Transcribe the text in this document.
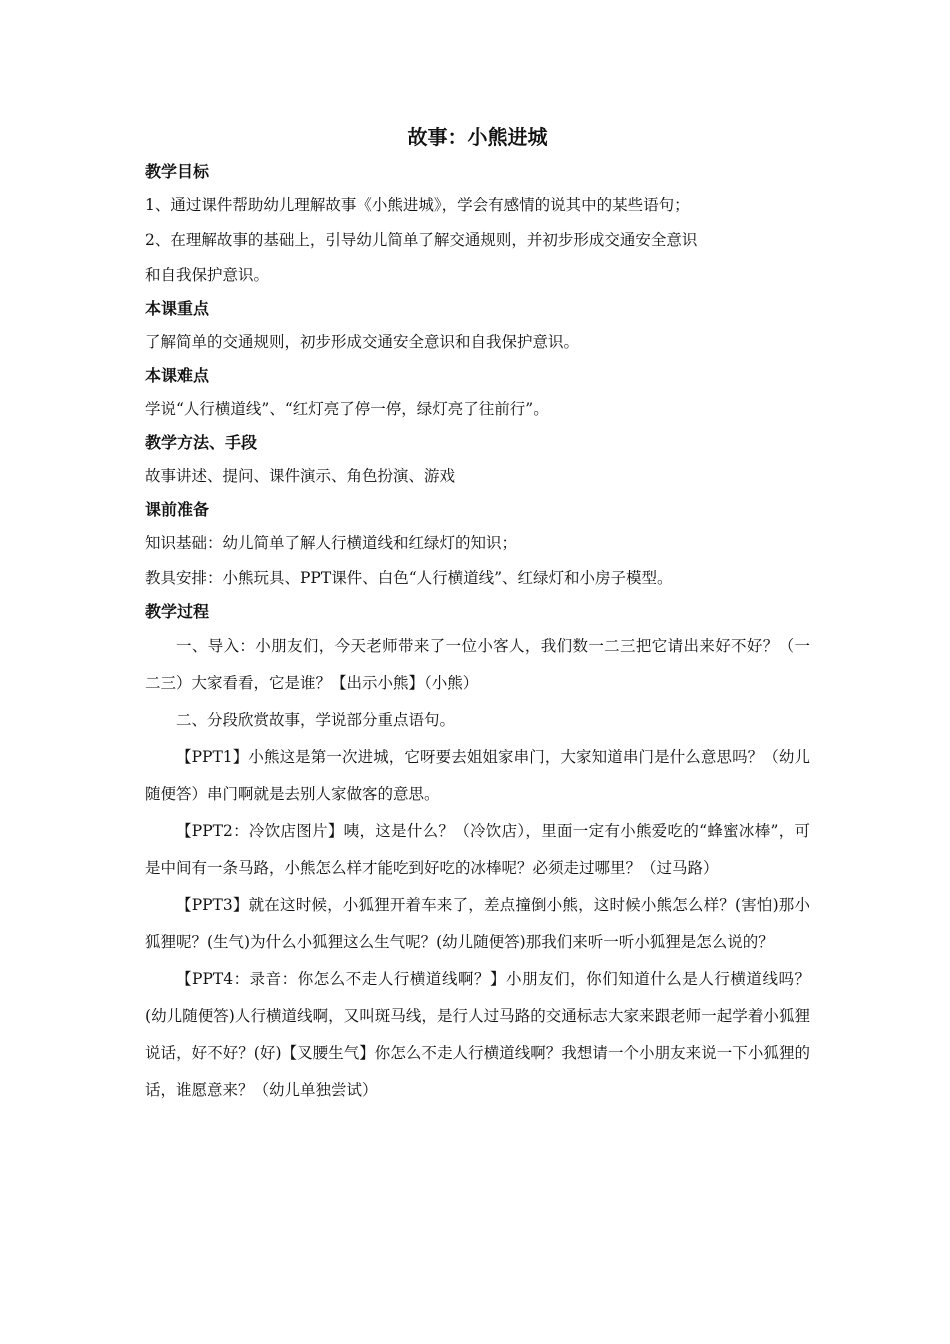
故事：小熊进城

教学目标

1、通过课件帮助幼儿理解故事《小熊进城》，学会有感情的说其中的某些语句；

2、在理解故事的基础上，引导幼儿简单了解交通规则，并初步形成交通安全意识

和自我保护意识。

本课重点

了解简单的交通规则，初步形成交通安全意识和自我保护意识。

本课难点

学说“人行横道线”、“红灯亮了停一停，绿灯亮了往前行”。

教学方法、手段

故事讲述、提问、课件演示、角色扮演、游戏

课前准备

知识基础：幼儿简单了解人行横道线和红绿灯的知识；

教具安排：小熊玩具、PPT课件、白色“人行横道线”、红绿灯和小房子模型。

教学过程

一、导入：小朋友们，今天老师带来了一位小客人，我们数一二三把它请出来好不好？（一二三）大家看看，它是谁？【出示小熊】（小熊）

二、分段欣赏故事，学说部分重点语句。

【PPT1】小熊这是第一次进城，它呀要去姐姐家串门，大家知道串门是什么意思吗？（幼儿随便答）串门啊就是去别人家做客的意思。

【PPT2：冷饮店图片】咦，这是什么？（冷饮店），里面一定有小熊爱吃的“蜂蜜冰棒”，可是中间有一条马路，小熊怎么样才能吃到好吃的冰棒呢？必须走过哪里？（过马路）

【PPT3】就在这时候，小狐狸开着车来了，差点撞倒小熊，这时候小熊怎么样？(害怕)那小狐狸呢？(生气)为什么小狐狸这么生气呢？(幼儿随便答)那我们来听一听小狐狸是怎么说的？

【PPT4：录音：你怎么不走人行横道线啊？】小朋友们，你们知道什么是人行横道线吗？(幼儿随便答)人行横道线啊，又叫斑马线，是行人过马路的交通标志大家来跟老师一起学着小狐狸说话，好不好？(好)【叉腰生气】你怎么不走人行横道线啊？我想请一个小朋友来说一下小狐狸的话，谁愿意来？（幼儿单独尝试）
